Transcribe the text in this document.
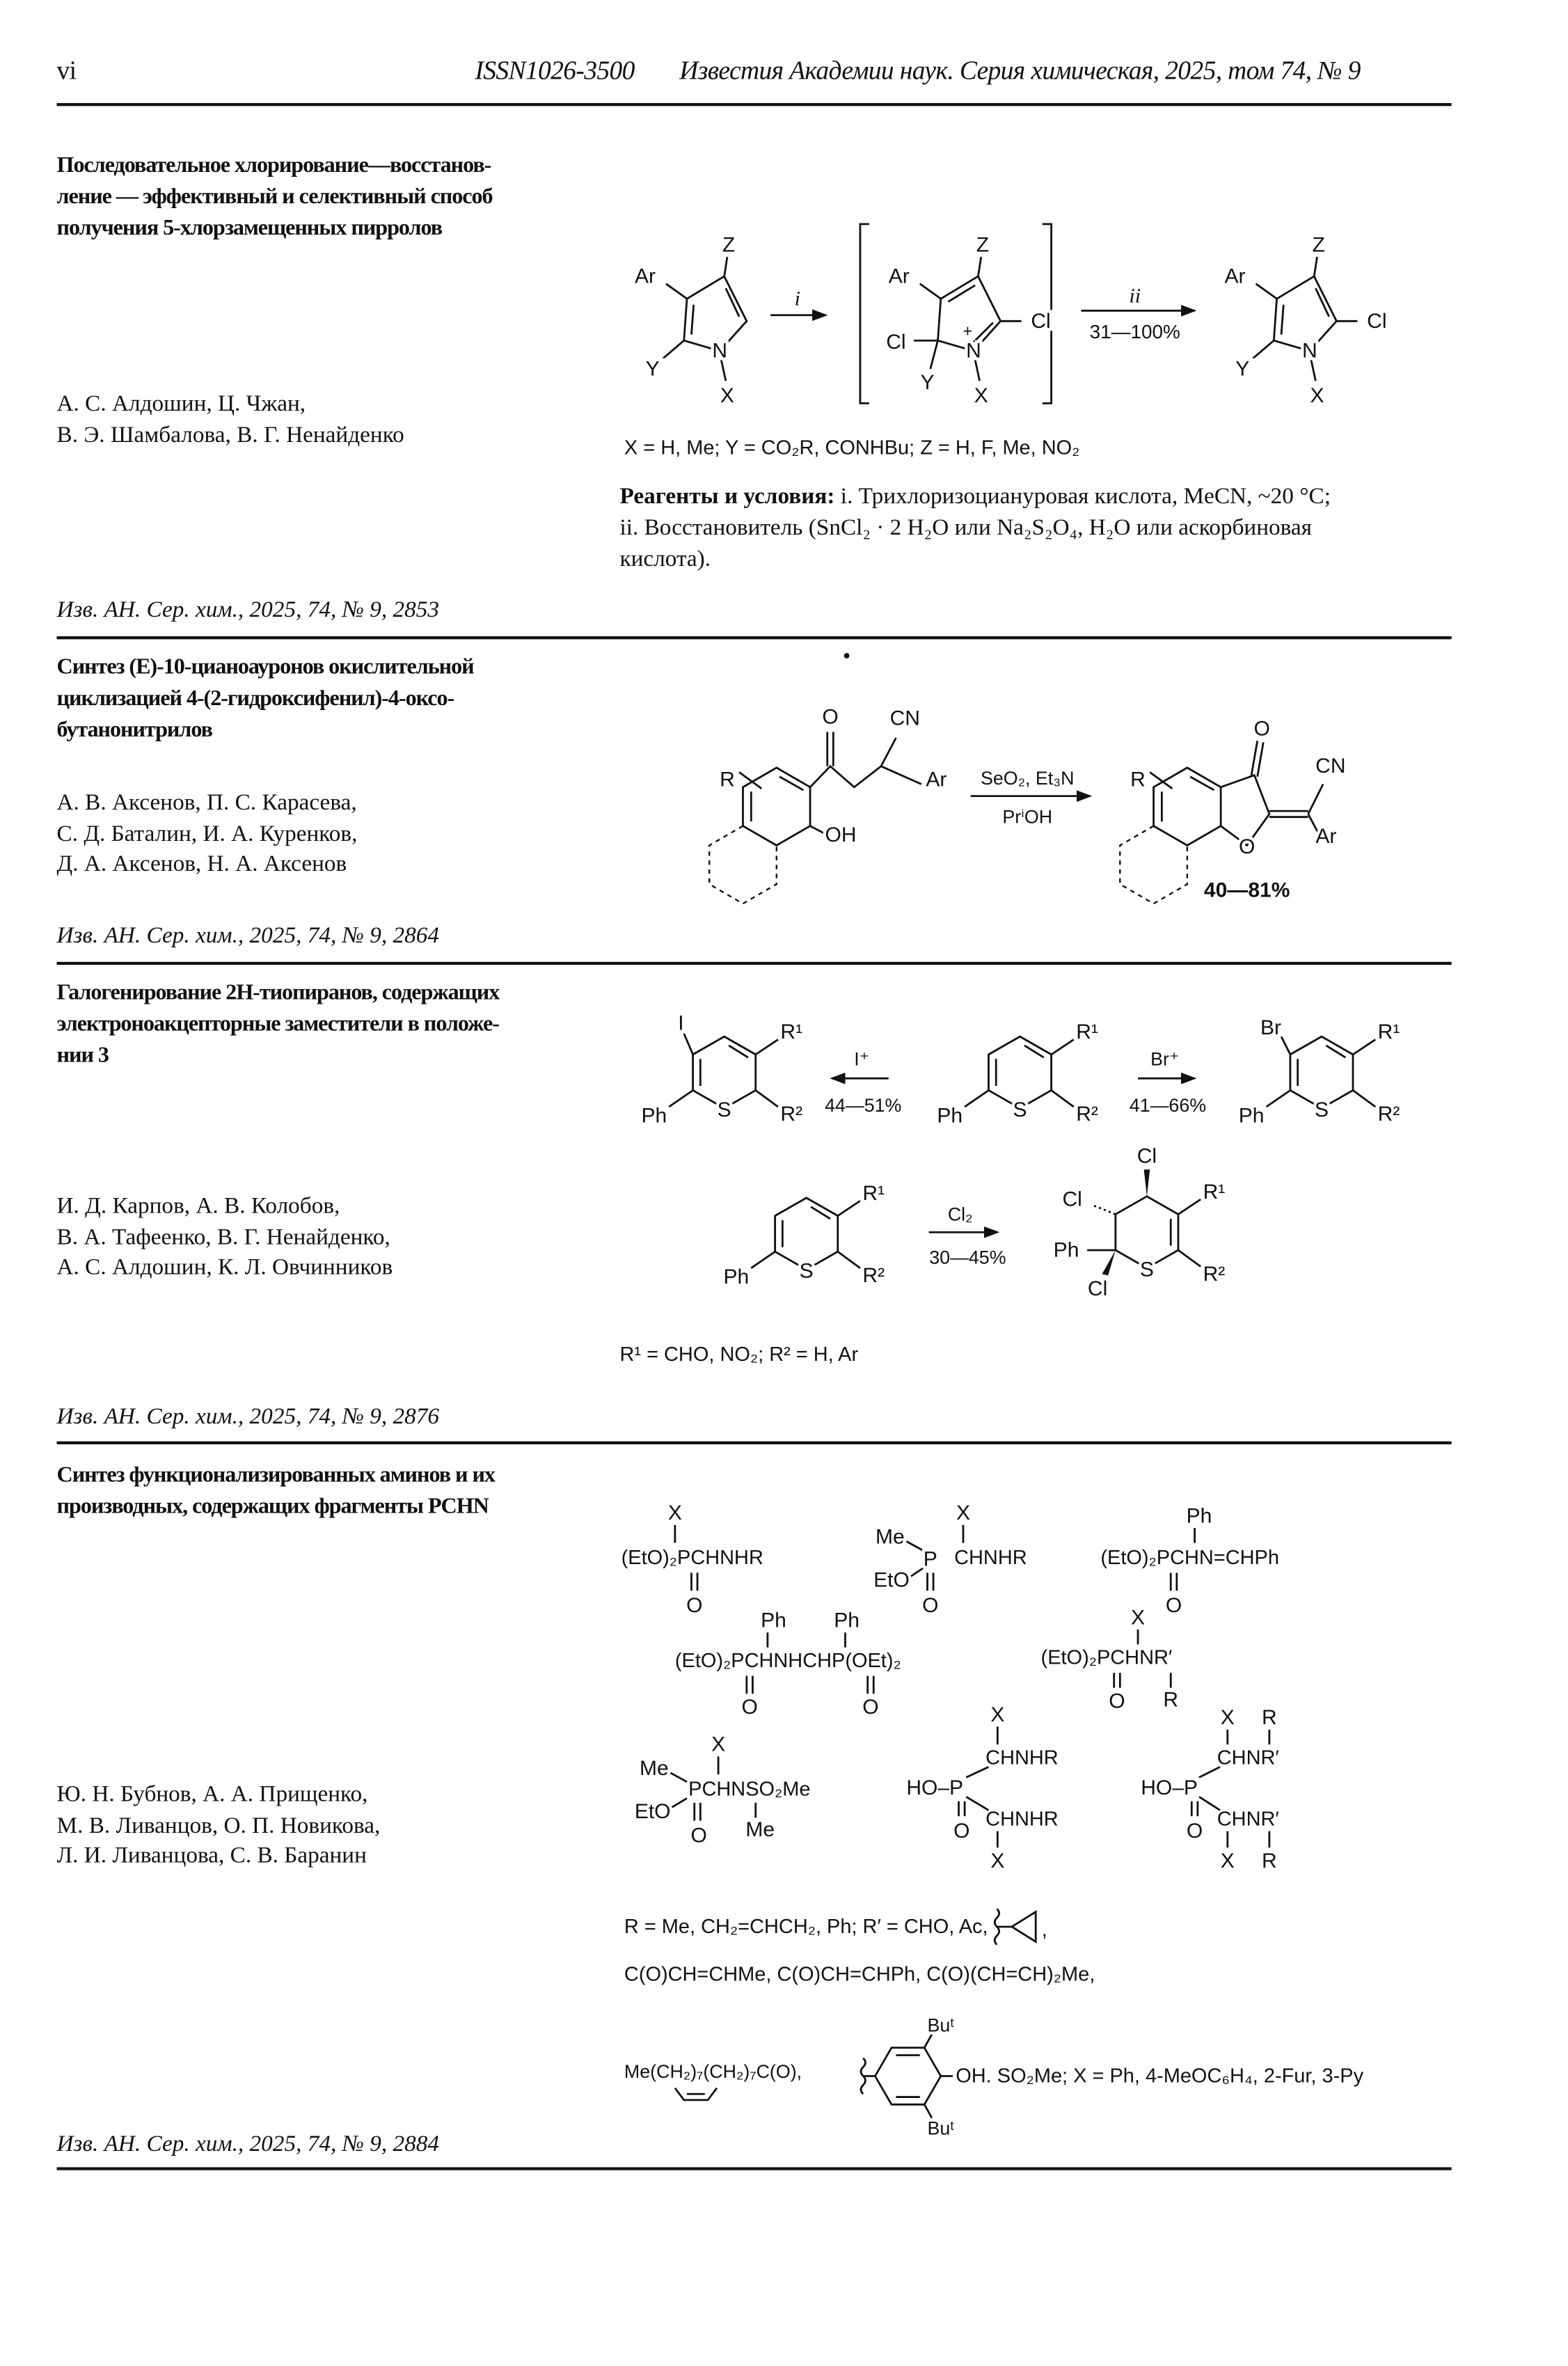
vi	ISSN1026-3500	Известия Академии наук. Серия химическая, 2025, том 74, № 9
Последовательное хлорирование—восстанов-
ление — эффективный и селективный способ
получения 5-хлорзамещенных пирролов
А. С. Алдошин, Ц. Чжан,
В. Э. Шамбалова, В. Г. Ненайденко
Изв. АН. Сер. хим., 2025, 74, № 9, 2853
Реагенты и условия: i. Трихлоризоциануровая кислота, MeCN, ~20 °C; ii. Восстановитель (SnCl₂ · 2 H₂O или Na₂S₂O₄, H₂O или аскорбиновая кислота).
Синтез (E)-10-цианоауронов окислительной
циклизацией 4-(2-гидроксифенил)-4-оксо-
бутанонитрилов
А. В. Аксенов, П. С. Карасева,
С. Д. Баталин, И. А. Куренков,
Д. А. Аксенов, Н. А. Аксенов
Изв. АН. Сер. хим., 2025, 74, № 9, 2864
Галогенирование 2H-тиопиранов, содержащих
электроноакцепторные заместители в положе-
нии 3
И. Д. Карпов, А. В. Колобов,
В. А. Тафеенко, В. Г. Ненайденко,
А. С. Алдошин, К. Л. Овчинников
Изв. АН. Сер. хим., 2025, 74, № 9, 2876
Синтез функционализированных аминов и их
производных, содержащих фрагменты PCHN
Ю. Н. Бубнов, А. А. Прищенко,
М. В. Ливанцов, О. П. Новикова,
Л. И. Ливанцова, С. В. Баранин
Изв. АН. Сер. хим., 2025, 74, № 9, 2884
Ar
Z
Y
X
N
i
Ar
Z
Cl
Y
Cl
X
N
+
ii
31—100%
Ar
Z
Y
Cl
X
N
X = H, Me; Y = CO₂R, CONHBu; Z = H, F, Me, NO₂
R
O	CN
Ar
OH
SeO₂, Et₃N
PrⁱOH
R
O
CN
Ar
O
40—81%
I	R¹
R²
Ph	S
I⁺
44—51%
R¹
R²
Ph	S
Br⁺
41—66%
Br	R¹
R²
Ph	S
R¹
R²
Ph	S
Cl₂
30—45%
Cl
Cl	R¹
R²
Ph
Cl
S
R¹ = CHO, NO₂; R² = H, Ar
X
(EtO)₂PCHNHR
O
X
Me
P CHNHR
EtO
O
Ph
(EtO)₂PCHN=CHPh
O
Ph	Ph
(EtO)₂PCHNHCHP(OEt)₂
O	O
X
(EtO)₂PCHNR′
O	R
X
Me
PCHNSO₂Me
EtO
O	Me
X
CHNHR
HO–P
CHNHR
O
X
X	R
CHNR′
HO–P
CHNR′
O
X	R
R = Me, CH₂=CHCH₂, Ph; R′ = CHO, Ac,	,
C(O)CH=CHMe, C(O)CH=CHPh, C(O)(CH=CH)₂Me,
Me(CH₂)₇(CH₂)₇C(O),
Buᵗ
Buᵗ
OH. SO₂Me; X = Ph, 4-MeOC₆H₄, 2-Fur, 3-Py
